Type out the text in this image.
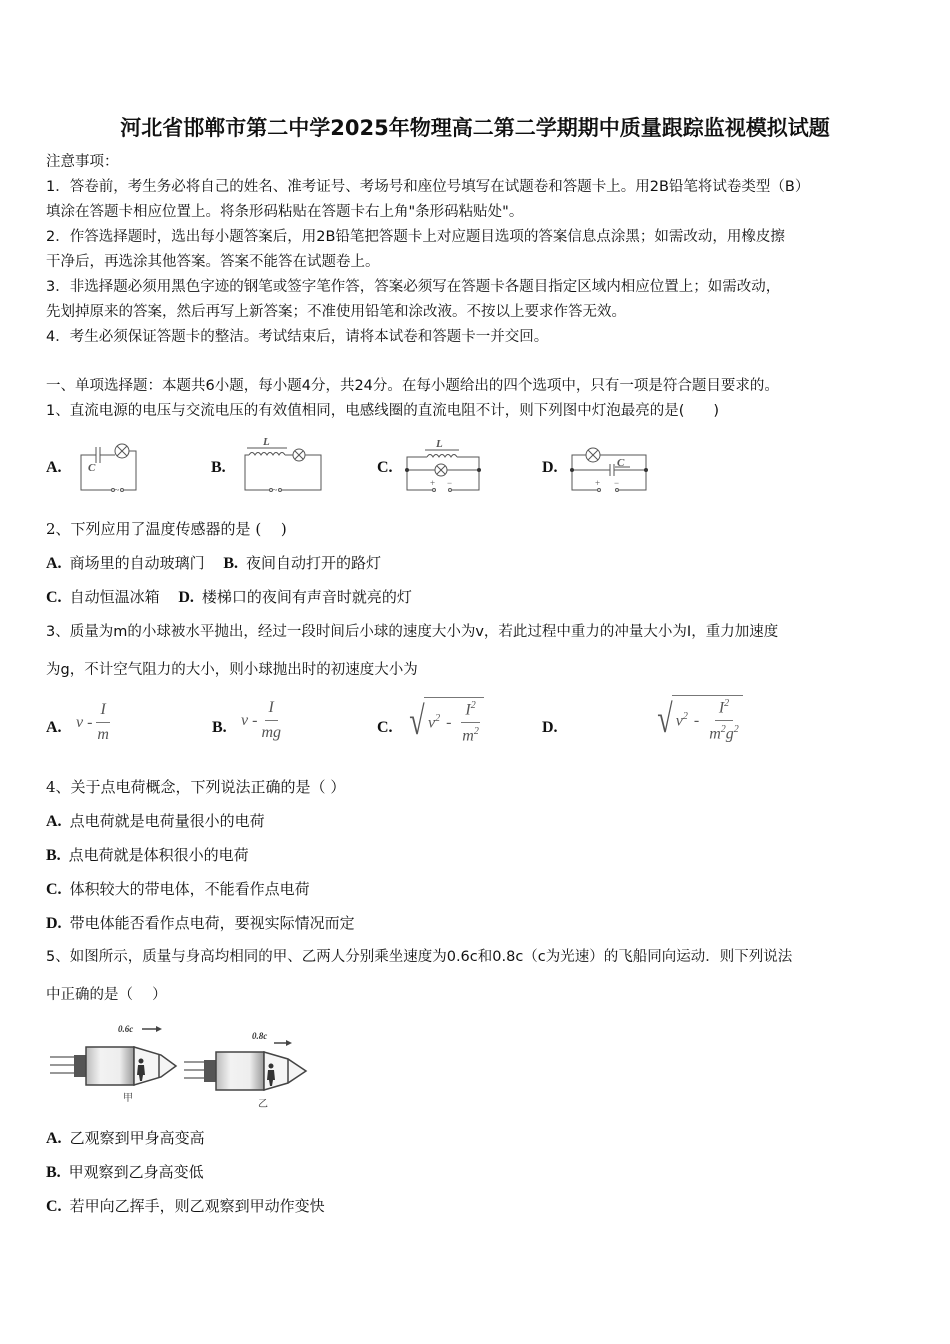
河北省邯郸市第二中学2025年物理高二第二学期期中质量跟踪监视模拟试题
注意事项：
1．答卷前，考生务必将自己的姓名、准考证号、考场号和座位号填写在试题卷和答题卡上。用2B铅笔将试卷类型（B）
填涂在答题卡相应位置上。将条形码粘贴在答题卡右上角"条形码粘贴处"。
2．作答选择题时，选出每小题答案后，用2B铅笔把答题卡上对应题目选项的答案信息点涂黑；如需改动，用橡皮擦
干净后，再选涂其他答案。答案不能答在试题卷上。
3．非选择题必须用黑色字迹的钢笔或签字笔作答，答案必须写在答题卡各题目指定区域内相应位置上；如需改动，
先划掉原来的答案，然后再写上新答案；不准使用铅笔和涂改液。不按以上要求作答无效。
4．考生必须保证答题卡的整洁。考试结束后，请将本试卷和答题卡一并交回。
一、单项选择题：本题共6小题，每小题4分，共24分。在每小题给出的四个选项中，只有一项是符合题目要求的。
1、直流电源的电压与交流电压的有效值相同，电感线圈的直流电阻不计，则下列图中灯泡最亮的是(　　)
A. C
~
B.
L
~
C.
L
+ −
D.	C
+ −
2、下列应用了温度传感器的是 (　 )
A. 商场里的自动玻璃门 B. 夜间自动打开的路灯
C. 自动恒温冰箱 D. 楼梯口的夜间有声音时就亮的灯
3、质量为m的小球被水平抛出，经过一段时间后小球的速度大小为v，若此过程中重力的冲量大小为Ⅰ，重力加速度
为g，不计空气阻力的大小，则小球抛出时的初速度大小为
A. v - $\frac{I}{m}$	B. v - $\frac{I}{mg}$	C. √ $v^2 - \frac{I^2}{m^2}$
	D. √ $v^2 - \frac{I^2}{m^2g^2}$
4、关于点电荷概念，下列说法正确的是（ ）
A. 点电荷就是电荷量很小的电荷
B. 点电荷就是体积很小的电荷
C. 体积较大的带电体，不能看作点电荷
D. 带电体能否看作点电荷，要视实际情况而定
5、如图所示，质量与身高均相同的甲、乙两人分别乘坐速度为0.6c和0.8c（c为光速）的飞船同向运动．则下列说法
中正确的是（　 ）
0.6c
甲
0.8c
乙
A. 乙观察到甲身高变高
B. 甲观察到乙身高变低
C. 若甲向乙挥手，则乙观察到甲动作变快
